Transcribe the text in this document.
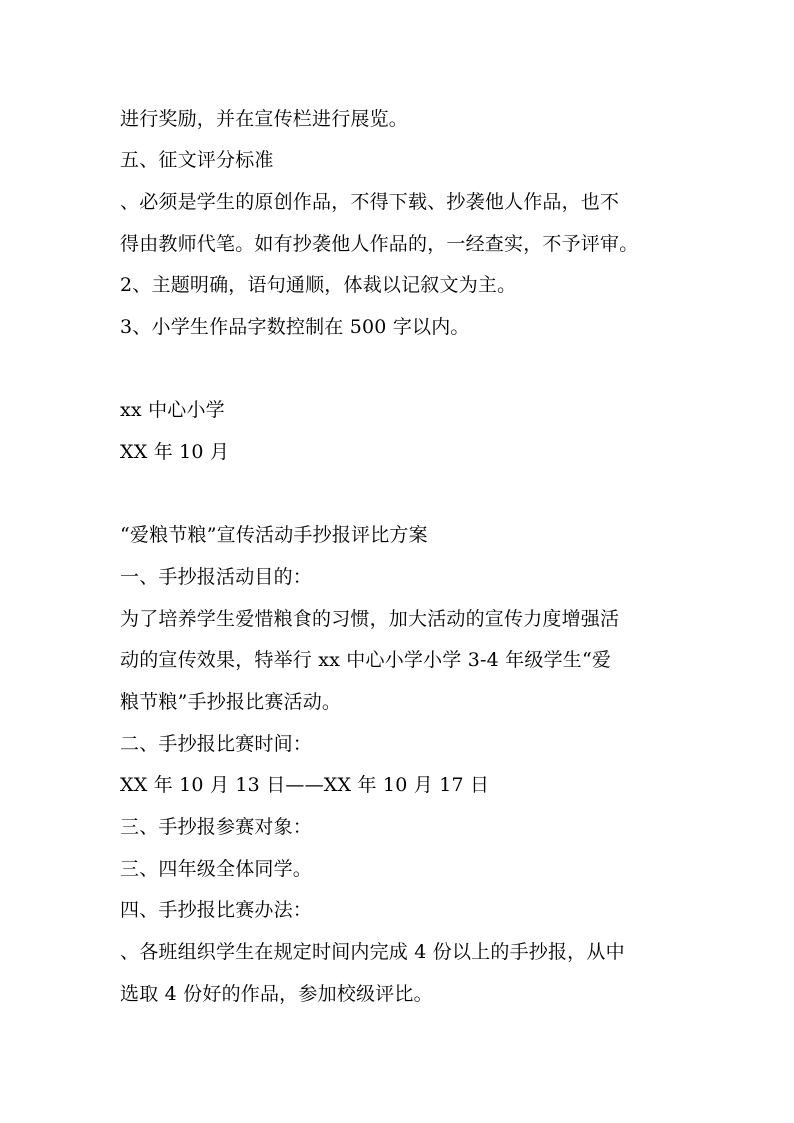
进行奖励，并在宣传栏进行展览。
五、征文评分标准
、必须是学生的原创作品，不得下载、抄袭他人作品，也不
得由教师代笔。如有抄袭他人作品的，一经查实，不予评审。
2、主题明确，语句通顺，体裁以记叙文为主。
3、小学生作品字数控制在 500 字以内。
xx 中心小学
XX 年 10 月
“爱粮节粮”宣传活动手抄报评比方案
一、手抄报活动目的：
为了培养学生爱惜粮食的习惯，加大活动的宣传力度增强活
动的宣传效果，特举行 xx 中心小学小学 3-4 年级学生“爱
粮节粮”手抄报比赛活动。
二、手抄报比赛时间：
XX 年 10 月 13 日——XX 年 10 月 17 日
三、手抄报参赛对象：
三、四年级全体同学。
四、手抄报比赛办法：
、各班组织学生在规定时间内完成 4 份以上的手抄报，从中
选取 4 份好的作品，参加校级评比。
